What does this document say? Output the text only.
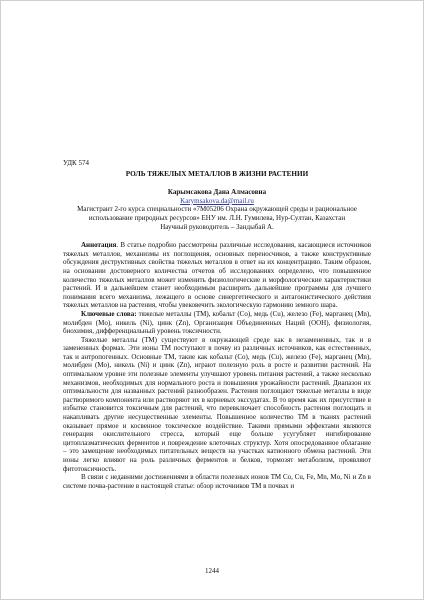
УДК 574

РОЛЬ ТЯЖЕЛЫХ МЕТАЛЛОВ В ЖИЗНИ РАСТЕНИИ

Карымсакова Дана Алмасовна

Karymsakova.da@mail.ru

Магистрант 2-го курса специальности «7М05206 Охрана окружающей среды и рациональное использование природных ресурсов» ЕНУ им. Л.Н. Гумилева, Нур-Султан, Казахстан
Научный руководитель – Зандыбай А.

Аннотация. В статье подробно рассмотрены различные исследования, касающиеся источников тяжелых металлов, механизмы их поглощения, основных переносчиков, а также конструктивные обсуждения деструктивных свойства тяжелых металлов в ответ на их концентрацию. Таким образом, на основании достоверного количества отчетов об исследованиях определено, что повышенное количество тяжелых металлов может изменить физиологические и морфологические характеристики растений. И в дальнейшем станет необходимым расширить дальнейшие программы для лучшего понимания всего механизма, лежащего в основе синергетического и антагонистического действия тяжелых металлов на растения, чтобы увековечить экологическую гармонию земного шара.

Ключевые слова: тяжелые металлы (ТМ), кобальт (Co), медь (Cu), железо (Fe), марганец (Mn), молибден (Mo), никель (Ni), цинк (Zn), Организация Объединенных Наций (ООН), физиология, биохимия, дифференциальный уровень токсичности.

Тяжелые металлы (ТМ) существуют в окружающей среде как в незамененных, так и в замененных формах. Эти ионы ТМ поступают в почву из различных источников, как естественных, так и антропогенных. Основные ТМ, такие как кобальт (Co), медь (Cu), железо (Fe), марганец (Mn), молибден (Mo), никель (Ni) и цинк (Zn), играют полезную роль в росте и развитии растений. На оптимальном уровне эти полезные элементы улучшают уровень питания растений, а также несколько механизмов, необходимых для нормального роста и повышения урожайности растений. Диапазон их оптимальности для названных растений разнообразен. Растения поглощают тяжелые металлы в виде растворимого компонента или растворяют их в корневых экссудатах. В то время как их присутствие в избытке становится токсичным для растений, что перевключает способность растения поглощать и накапливать другие несущественные элементы. Повышенное количество ТМ в тканях растений оказывает прямое и косвенное токсическое воздействие. Такими прямыми эффектами являются генерация окислительного стресса, который еще больше усугубляет ингибирование цитоплазматических ферментов и повреждение клеточных структур. Хотя опосредованное облагание – это замещение необходимых питательных веществ на участках катионного обмена растений. Эти ионы легко влияют на роль различных ферментов и белков, тормозят метаболизм, проявляют фитотоксичность.

В связи с недавними достижениями в области полезных ионов ТМ Co, Cu, Fe, Mn, Mo, Ni и Zn в системе почва-растение в настоящей статье: обзор источников ТМ в почвах и

1244
